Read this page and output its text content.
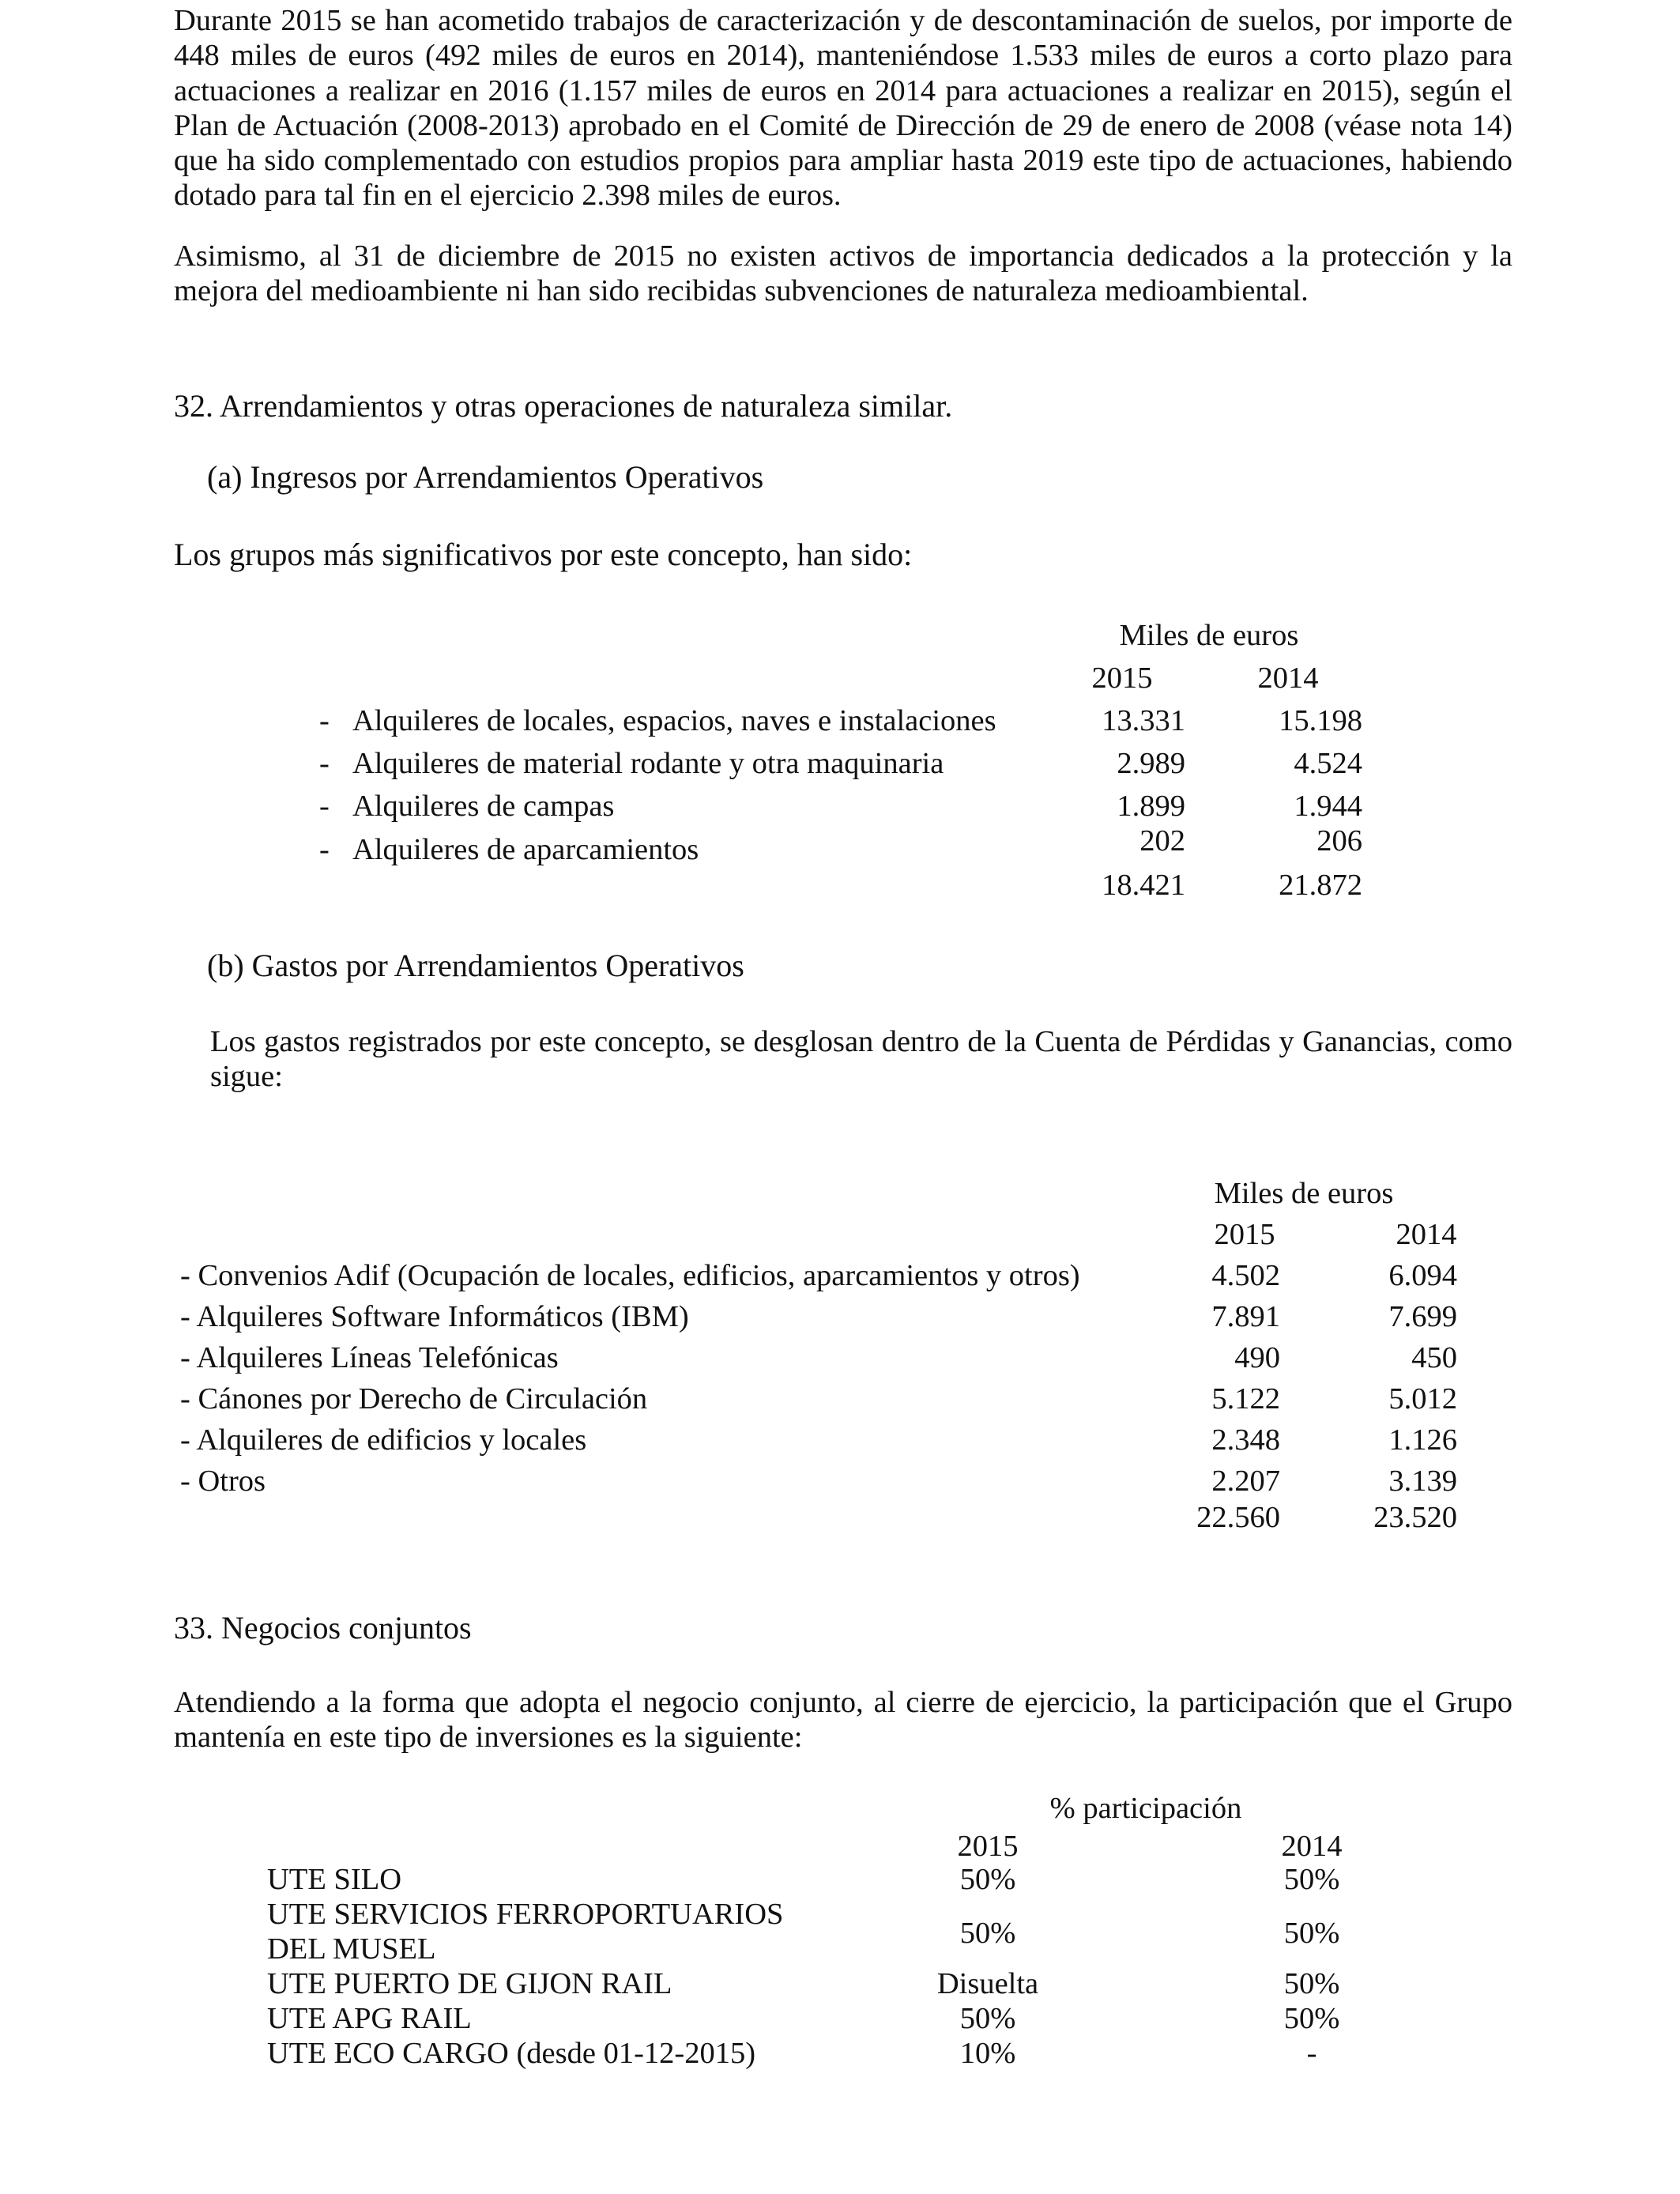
Durante 2015 se han acometido trabajos de caracterización y de descontaminación de suelos, por importe de 448 miles de euros (492 miles de euros en 2014), manteniéndose 1.533 miles de euros a corto plazo para actuaciones a realizar en 2016 (1.157 miles de euros en 2014 para actuaciones a realizar en 2015), según el Plan de Actuación (2008-2013) aprobado en el Comité de Dirección de 29 de enero de 2008 (véase nota 14) que ha sido complementado con estudios propios para ampliar hasta 2019 este tipo de actuaciones, habiendo dotado para tal fin en el ejercicio 2.398 miles de euros.
Asimismo, al 31 de diciembre de 2015 no existen activos de importancia dedicados a la protección y la mejora del medioambiente ni han sido recibidas subvenciones de naturaleza medioambiental.
32. Arrendamientos y otras operaciones de naturaleza similar.
(a) Ingresos por Arrendamientos Operativos
Los grupos más significativos por este concepto, han sido:
Miles de euros
2015	2014
- Alquileres de locales, espacios, naves e instalaciones	13.331	15.198
- Alquileres de material rodante y otra maquinaria	2.989	4.524
- Alquileres de campas	1.899	1.944
- Alquileres de aparcamientos	202	206
18.421	21.872
(b) Gastos por Arrendamientos Operativos
Los gastos registrados por este concepto, se desglosan dentro de la Cuenta de Pérdidas y Ganancias, como sigue:
Miles de euros
2015	2014
- Convenios Adif (Ocupación de locales, edificios, aparcamientos y otros)	4.502	6.094
- Alquileres Software Informáticos (IBM)	7.891	7.699
- Alquileres Líneas Telefónicas	490	450
- Cánones por Derecho de Circulación	5.122	5.012
- Alquileres de edificios y locales	2.348	1.126
- Otros	2.207	3.139
22.560	23.520
33. Negocios conjuntos
Atendiendo a la forma que adopta el negocio conjunto, al cierre de ejercicio, la participación que el Grupo mantenía en este tipo de inversiones es la siguiente:
% participación
2015	2014
UTE SILO	50%	50%
UTE SERVICIOS FERROPORTUARIOS
DEL MUSEL	50%	50%
UTE PUERTO DE GIJON RAIL	Disuelta	50%
UTE APG RAIL	50%	50%
UTE ECO CARGO (desde 01-12-2015)	10%	-
